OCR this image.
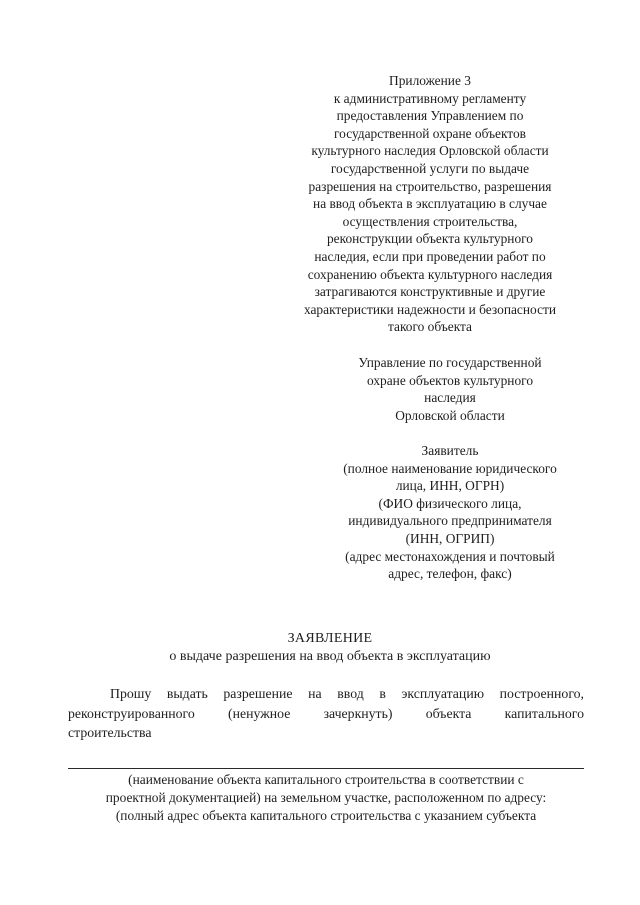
Приложение 3
к административному регламенту
предоставления Управлением по
государственной охране объектов
культурного наследия Орловской области
государственной услуги по выдаче
разрешения на строительство, разрешения
на ввод объекта в эксплуатацию в случае
осуществления строительства,
реконструкции объекта культурного
наследия, если при проведении работ по
сохранению объекта культурного наследия
затрагиваются конструктивные и другие
характеристики надежности и безопасности
такого объекта
Управление по государственной
охране объектов культурного
наследия
Орловской области
Заявитель
(полное наименование юридического
лица, ИНН, ОГРН)
(ФИО физического лица,
индивидуального предпринимателя
(ИНН, ОГРИП)
(адрес местонахождения и почтовый
адрес, телефон, факс)
ЗАЯВЛЕНИЕ
о выдаче разрешения на ввод объекта в эксплуатацию
Прошу выдать разрешение на ввод в эксплуатацию построенного,
реконструированного (ненужное зачеркнуть) объекта капитального
строительства
(наименование объекта капитального строительства в соответствии с
проектной документацией) на земельном участке, расположенном по адресу:
(полный адрес объекта капитального строительства с указанием субъекта
